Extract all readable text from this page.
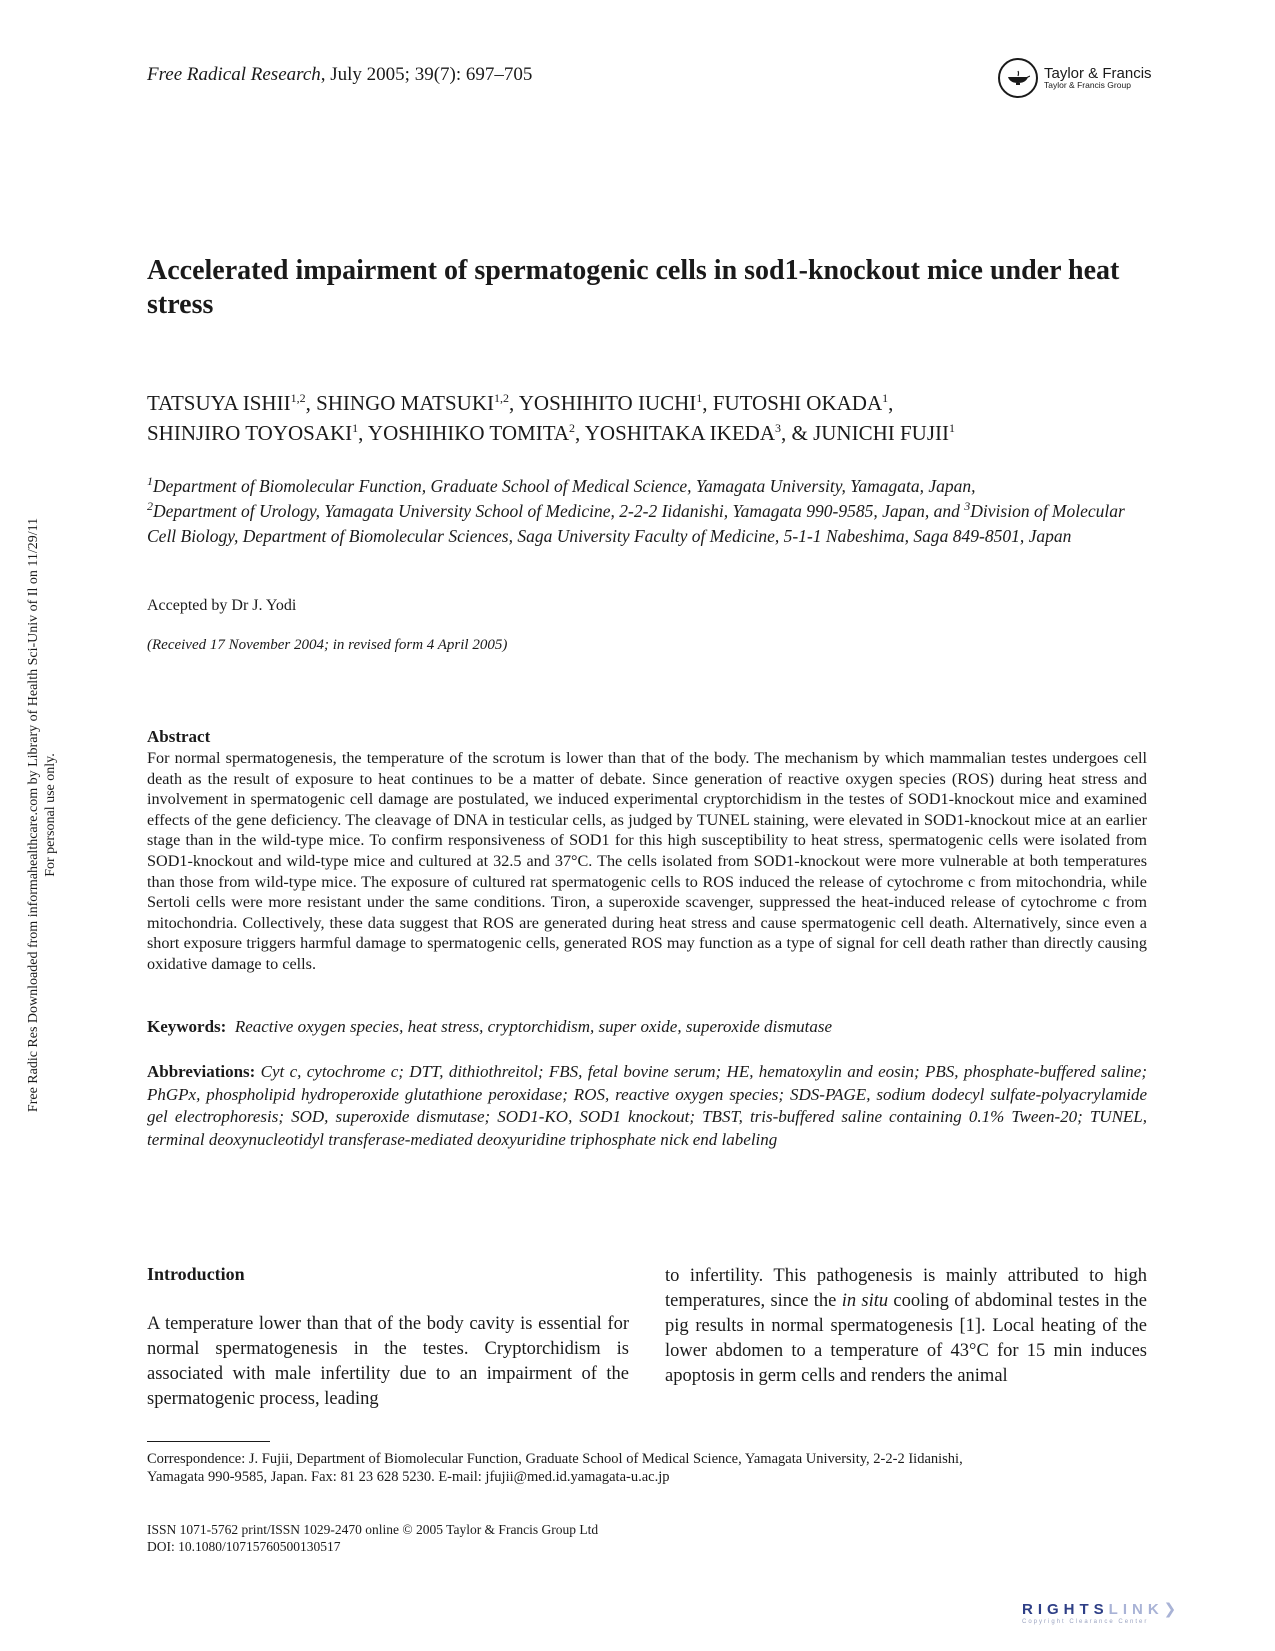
Free Radical Research, July 2005; 39(7): 697–705	Taylor & Francis
Taylor & Francis Group
Free Radic Res Downloaded from informahealthcare.com by Library of Health Sci-Univ of Il on 11/29/11 For personal use only.
Accelerated impairment of spermatogenic cells in sod1-knockout mice under heat stress
TATSUYA ISHII$^{1,2}$, SHINGO MATSUKI$^{1,2}$, YOSHIHITO IUCHI$^1$, FUTOSHI OKADA$^1$,
SHINJIRO TOYOSAKI$^1$, YOSHIHIKO TOMITA$^2$, YOSHITAKA IKEDA$^3$, & JUNICHI FUJII$^1$
$^1$Department of Biomolecular Function, Graduate School of Medical Science, Yamagata University, Yamagata, Japan,
$^2$Department of Urology, Yamagata University School of Medicine, 2-2-2 Iidanishi, Yamagata 990-9585, Japan, and $^3$Division of Molecular Cell Biology, Department of Biomolecular Sciences, Saga University Faculty of Medicine, 5-1-1 Nabeshima, Saga 849-8501, Japan
Accepted by Dr J. Yodi
(Received 17 November 2004; in revised form 4 April 2005)
Abstract
For normal spermatogenesis, the temperature of the scrotum is lower than that of the body. The mechanism by which mammalian testes undergoes cell death as the result of exposure to heat continues to be a matter of debate. Since generation of reactive oxygen species (ROS) during heat stress and involvement in spermatogenic cell damage are postulated, we induced experimental cryptorchidism in the testes of SOD1-knockout mice and examined effects of the gene deficiency. The cleavage of DNA in testicular cells, as judged by TUNEL staining, were elevated in SOD1-knockout mice at an earlier stage than in the wild-type mice. To confirm responsiveness of SOD1 for this high susceptibility to heat stress, spermatogenic cells were isolated from SOD1-knockout and wild-type mice and cultured at 32.5 and 37°C. The cells isolated from SOD1-knockout were more vulnerable at both temperatures than those from wild-type mice. The exposure of cultured rat spermatogenic cells to ROS induced the release of cytochrome c from mitochondria, while Sertoli cells were more resistant under the same conditions. Tiron, a superoxide scavenger, suppressed the heat-induced release of cytochrome c from mitochondria. Collectively, these data suggest that ROS are generated during heat stress and cause spermatogenic cell death. Alternatively, since even a short exposure triggers harmful damage to spermatogenic cells, generated ROS may function as a type of signal for cell death rather than directly causing oxidative damage to cells.
Keywords: Reactive oxygen species, heat stress, cryptorchidism, super oxide, superoxide dismutase
Abbreviations: Cyt c, cytochrome c; DTT, dithiothreitol; FBS, fetal bovine serum; HE, hematoxylin and eosin; PBS, phosphate-buffered saline; PhGPx, phospholipid hydroperoxide glutathione peroxidase; ROS, reactive oxygen species; SDS-PAGE, sodium dodecyl sulfate-polyacrylamide gel electrophoresis; SOD, superoxide dismutase; SOD1-KO, SOD1 knockout; TBST, tris-buffered saline containing 0.1% Tween-20; TUNEL, terminal deoxynucleotidyl transferase-mediated deoxyuridine triphosphate nick end labeling
Introduction
A temperature lower than that of the body cavity is essential for normal spermatogenesis in the testes. Cryptorchidism is associated with male infertility due to an impairment of the spermatogenic process, leading
to infertility. This pathogenesis is mainly attributed to high temperatures, since the in situ cooling of abdominal testes in the pig results in normal spermatogenesis [1]. Local heating of the lower abdomen to a temperature of 43°C for 15 min induces apoptosis in germ cells and renders the animal
Correspondence: J. Fujii, Department of Biomolecular Function, Graduate School of Medical Science, Yamagata University, 2-2-2 Iidanishi,
Yamagata 990-9585, Japan. Fax: 81 23 628 5230. E-mail: jfujii@med.id.yamagata-u.ac.jp
ISSN 1071-5762 print/ISSN 1029-2470 online © 2005 Taylor & Francis Group Ltd
DOI: 10.1080/10715760500130517
RIGHTSLINK❯
Copyright Clearance Center
